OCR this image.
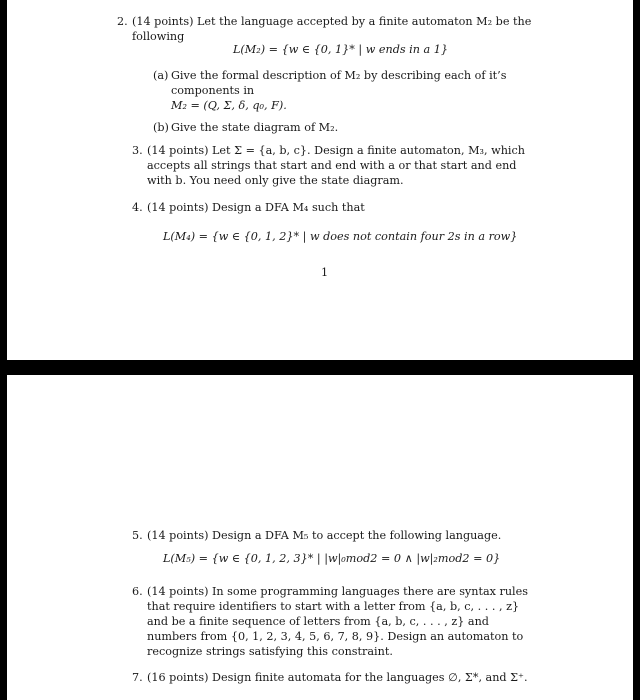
2. (14 points) Let the language accepted by a finite automaton M₂ be the following
L(M₂) = {w ∈ {0, 1}* | w ends in a 1}
(a) Give the formal description of M₂ by describing each of it’s components in
M₂ = (Q, Σ, δ, q₀, F).
(b) Give the state diagram of M₂.
3. (14 points) Let Σ = {a, b, c}. Design a finite automaton, M₃, which accepts all strings that start and end with a or that start and end with b. You need only give the state diagram.
4. (14 points) Design a DFA M₄ such that
L(M₄) = {w ∈ {0, 1, 2}* | w does not contain four 2s in a row}
1
5. (14 points) Design a DFA M₅ to accept the following language.
L(M₅) = {w ∈ {0, 1, 2, 3}* | |w|₀mod2 = 0 ∧ |w|₂mod2 = 0}
6. (14 points) In some programming languages there are syntax rules that require identifiers to start with a letter from {a, b, c, . . . , z} and be a finite sequence of letters from {a, b, c, . . . , z} and numbers from {0, 1, 2, 3, 4, 5, 6, 7, 8, 9}. Design an automaton to recognize strings satisfying this constraint.
7. (16 points) Design finite automata for the languages ∅, Σ*, and Σ⁺.
